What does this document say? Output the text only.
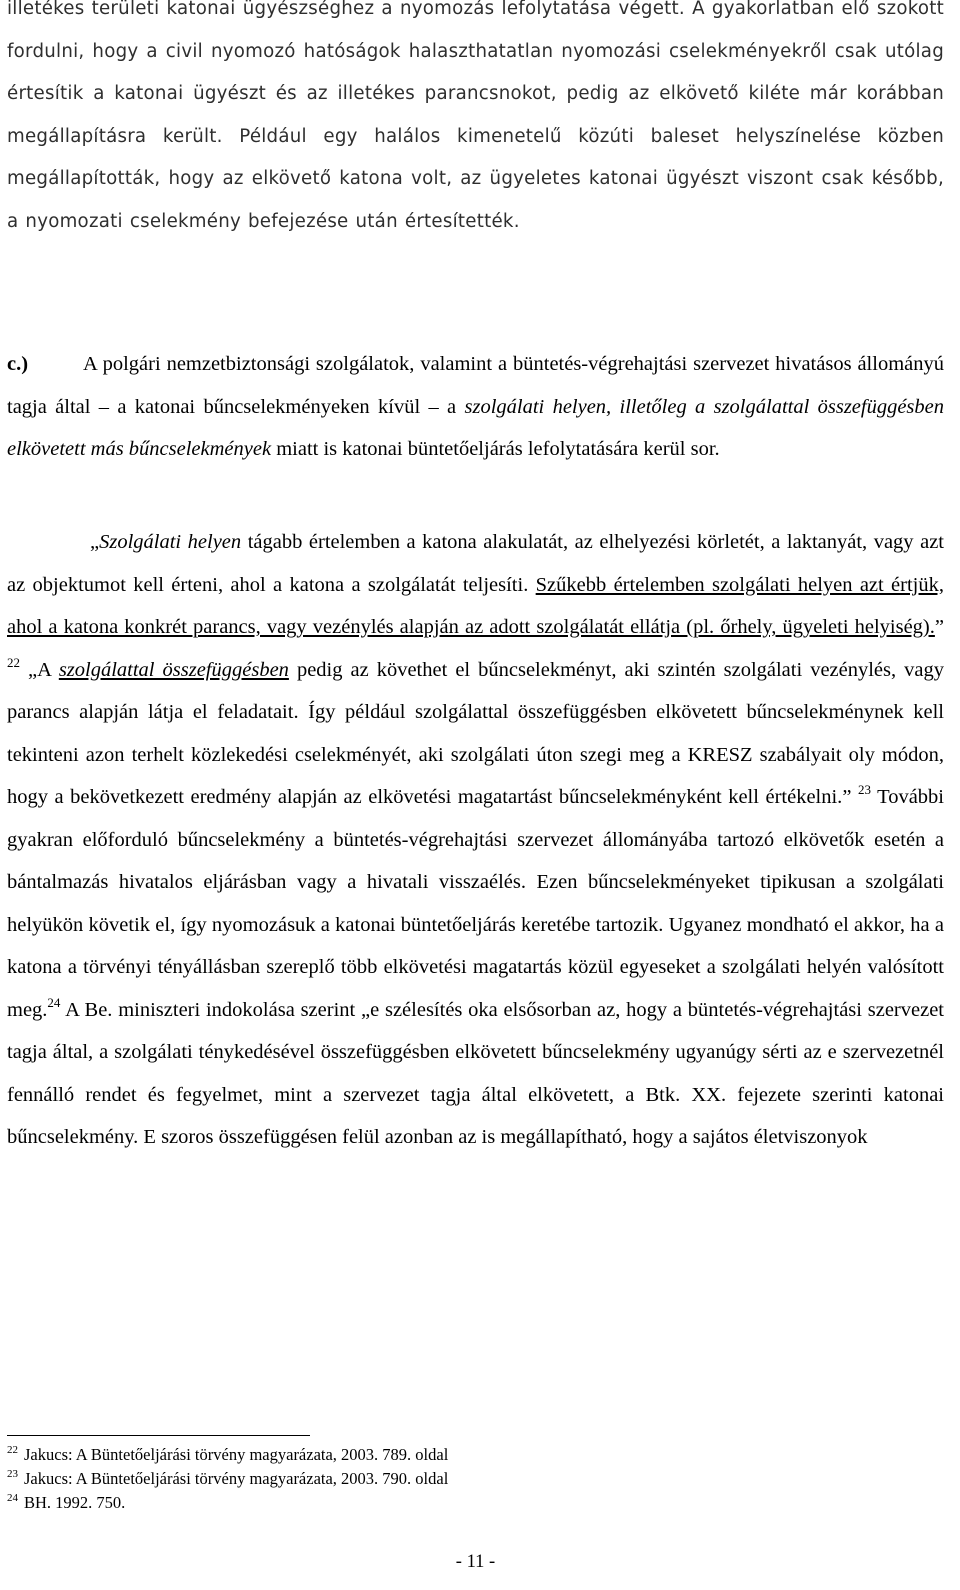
illetékes területi katonai ügyészséghez a nyomozás lefolytatása végett. A gyakorlatban elő szokott fordulni, hogy a civil nyomozó hatóságok halaszthatatlan nyomozási cselekményekről csak utólag értesítik a katonai ügyészt és az illetékes parancsnokot, pedig az elkövető kiléte már korábban megállapításra került. Például egy halálos kimenetelű közúti baleset helyszínelése közben megállapították, hogy az elkövető katona volt, az ügyeletes katonai ügyészt viszont csak később, a nyomozati cselekmény befejezése után értesítették.

c.)	A polgári nemzetbiztonsági szolgálatok, valamint a büntetés-végrehajtási szervezet hivatásos állományú tagja által – a katonai bűncselekményeken kívül – a szolgálati helyen, illetőleg a szolgálattal összefüggésben elkövetett más bűncselekmények miatt is katonai büntetőeljárás lefolytatására kerül sor.

„Szolgálati helyen tágabb értelemben a katona alakulatát, az elhelyezési körletét, a laktanyát, vagy azt az objektumot kell érteni, ahol a katona a szolgálatát teljesíti. Szűkebb értelemben szolgálati helyen azt értjük, ahol a katona konkrét parancs, vagy vezénylés alapján az adott szolgálatát ellátja (pl. őrhely, ügyeleti helyiség).” $^{22}$ „A szolgálattal összefüggésben pedig az követhet el bűncselekményt, aki szintén szolgálati vezénylés, vagy parancs alapján látja el feladatait. Így például szolgálattal összefüggésben elkövetett bűncselekménynek kell tekinteni azon terhelt közlekedési cselekményét, aki szolgálati úton szegi meg a KRESZ szabályait oly módon, hogy a bekövetkezett eredmény alapján az elkövetési magatartást bűncselekményként kell értékelni.” $^{23}$ További gyakran előforduló bűncselekmény a büntetés-végrehajtási szervezet állományába tartozó elkövetők esetén a bántalmazás hivatalos eljárásban vagy a hivatali visszaélés. Ezen bűncselekményeket tipikusan a szolgálati helyükön követik el, így nyomozásuk a katonai büntetőeljárás keretébe tartozik. Ugyanez mondható el akkor, ha a katona a törvényi tényállásban szereplő több elkövetési magatartás közül egyeseket a szolgálati helyén valósított meg.$^{24}$ A Be. miniszteri indokolása szerint „e szélesítés oka elsősorban az, hogy a büntetés-végrehajtási szervezet tagja által, a szolgálati ténykedésével összefüggésben elkövetett bűncselekmény ugyanúgy sérti az e szervezetnél fennálló rendet és fegyelmet, mint a szervezet tagja által elkövetett, a Btk. XX. fejezete szerinti katonai bűncselekmény. E szoros összefüggésen felül azonban az is megállapítható, hogy a sajátos életviszonyok

$^{22}$ Jakucs: A Büntetőeljárási törvény magyarázata, 2003. 789. oldal
$^{23}$ Jakucs: A Büntetőeljárási törvény magyarázata, 2003. 790. oldal
$^{24}$ BH. 1992. 750.
- 11 -
